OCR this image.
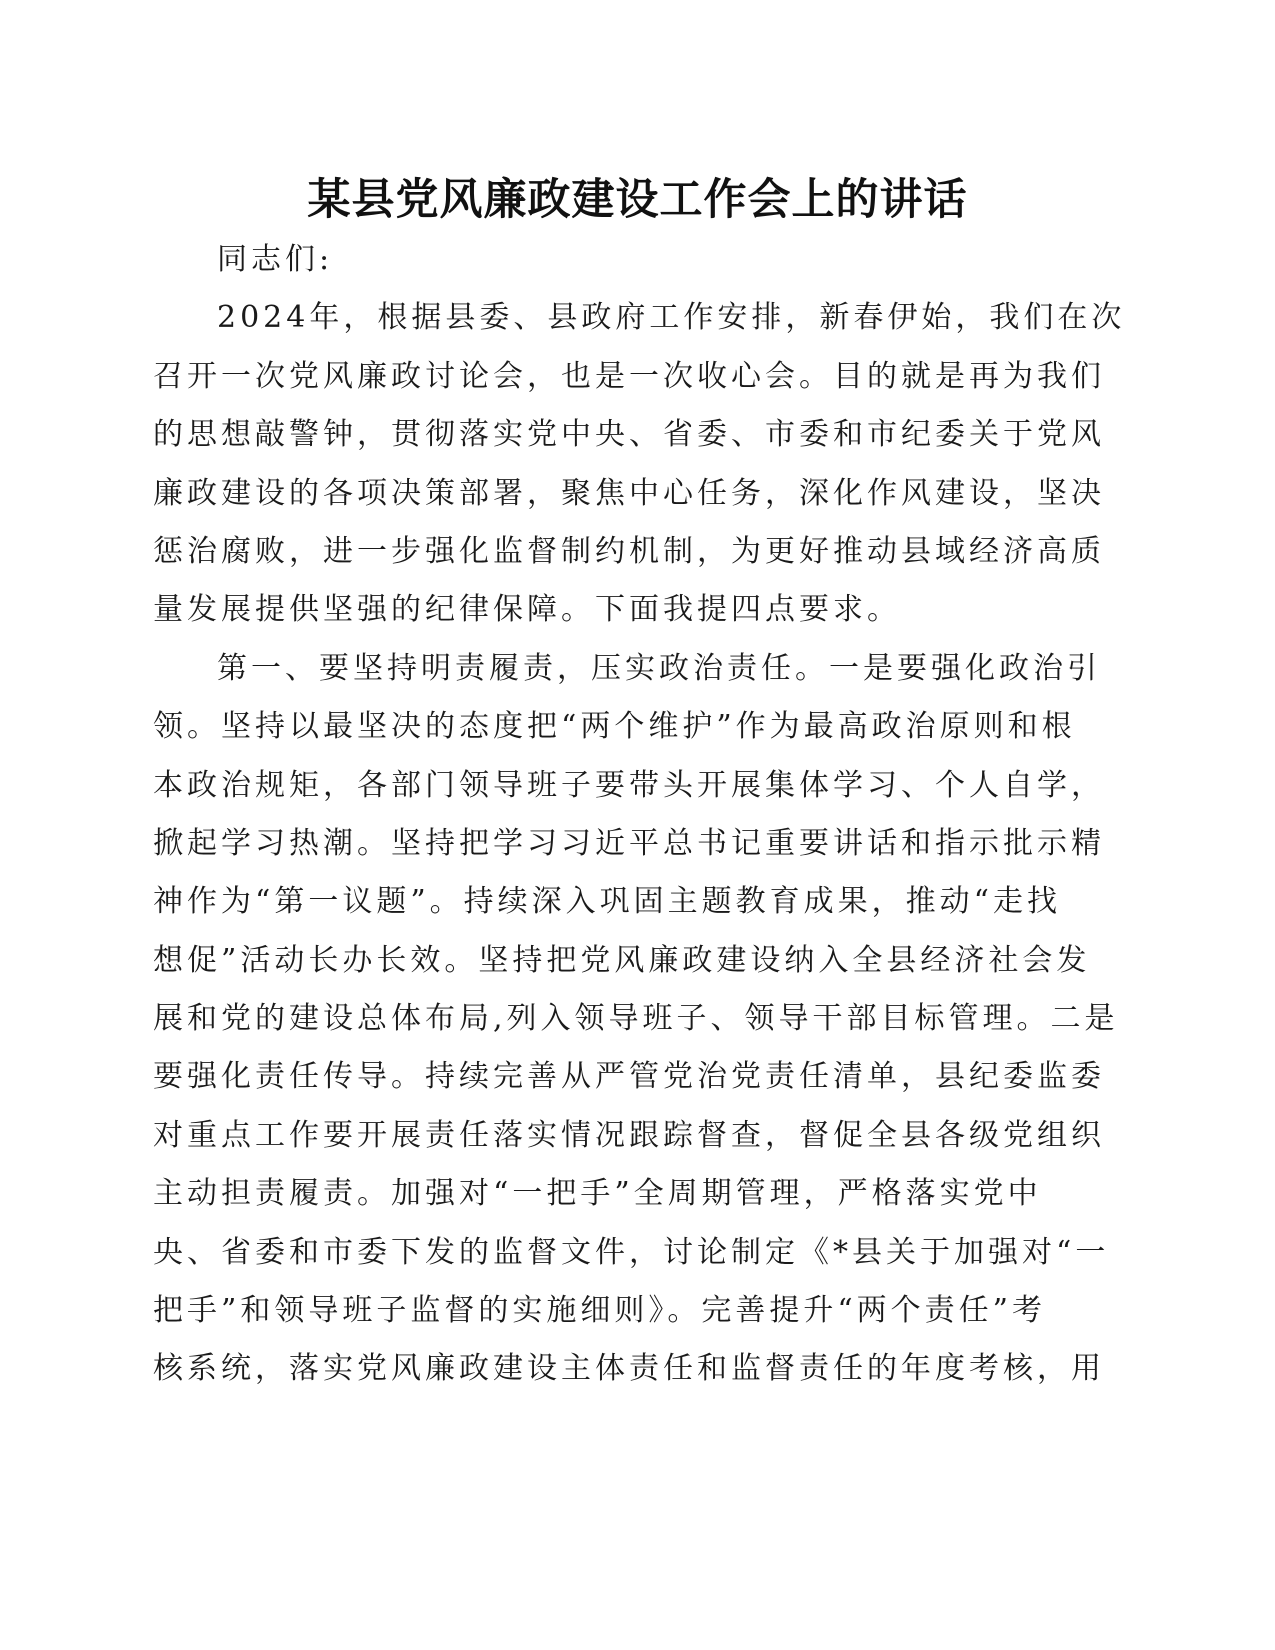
某县党风廉政建设工作会上的讲话
同志们:
2024年，根据县委、县政府工作安排，新春伊始，我们在次
召开一次党风廉政讨论会，也是一次收心会。目的就是再为我们
的思想敲警钟，贯彻落实党中央、省委、市委和市纪委关于党风
廉政建设的各项决策部署，聚焦中心任务，深化作风建设，坚决
惩治腐败，进一步强化监督制约机制，为更好推动县域经济高质
量发展提供坚强的纪律保障。下面我提四点要求。
第一、要坚持明责履责，压实政治责任。一是要强化政治引
领。坚持以最坚决的态度把“两个维护”作为最高政治原则和根
本政治规矩，各部门领导班子要带头开展集体学习、个人自学，
掀起学习热潮。坚持把学习习近平总书记重要讲话和指示批示精
神作为“第一议题”。持续深入巩固主题教育成果，推动“走找
想促”活动长办长效。坚持把党风廉政建设纳入全县经济社会发
展和党的建设总体布局,列入领导班子、领导干部目标管理。二是
要强化责任传导。持续完善从严管党治党责任清单，县纪委监委
对重点工作要开展责任落实情况跟踪督查，督促全县各级党组织
主动担责履责。加强对“一把手”全周期管理，严格落实党中
央、省委和市委下发的监督文件，讨论制定《*县关于加强对“一
把手”和领导班子监督的实施细则》。完善提升“两个责任”考
核系统，落实党风廉政建设主体责任和监督责任的年度考核，用
